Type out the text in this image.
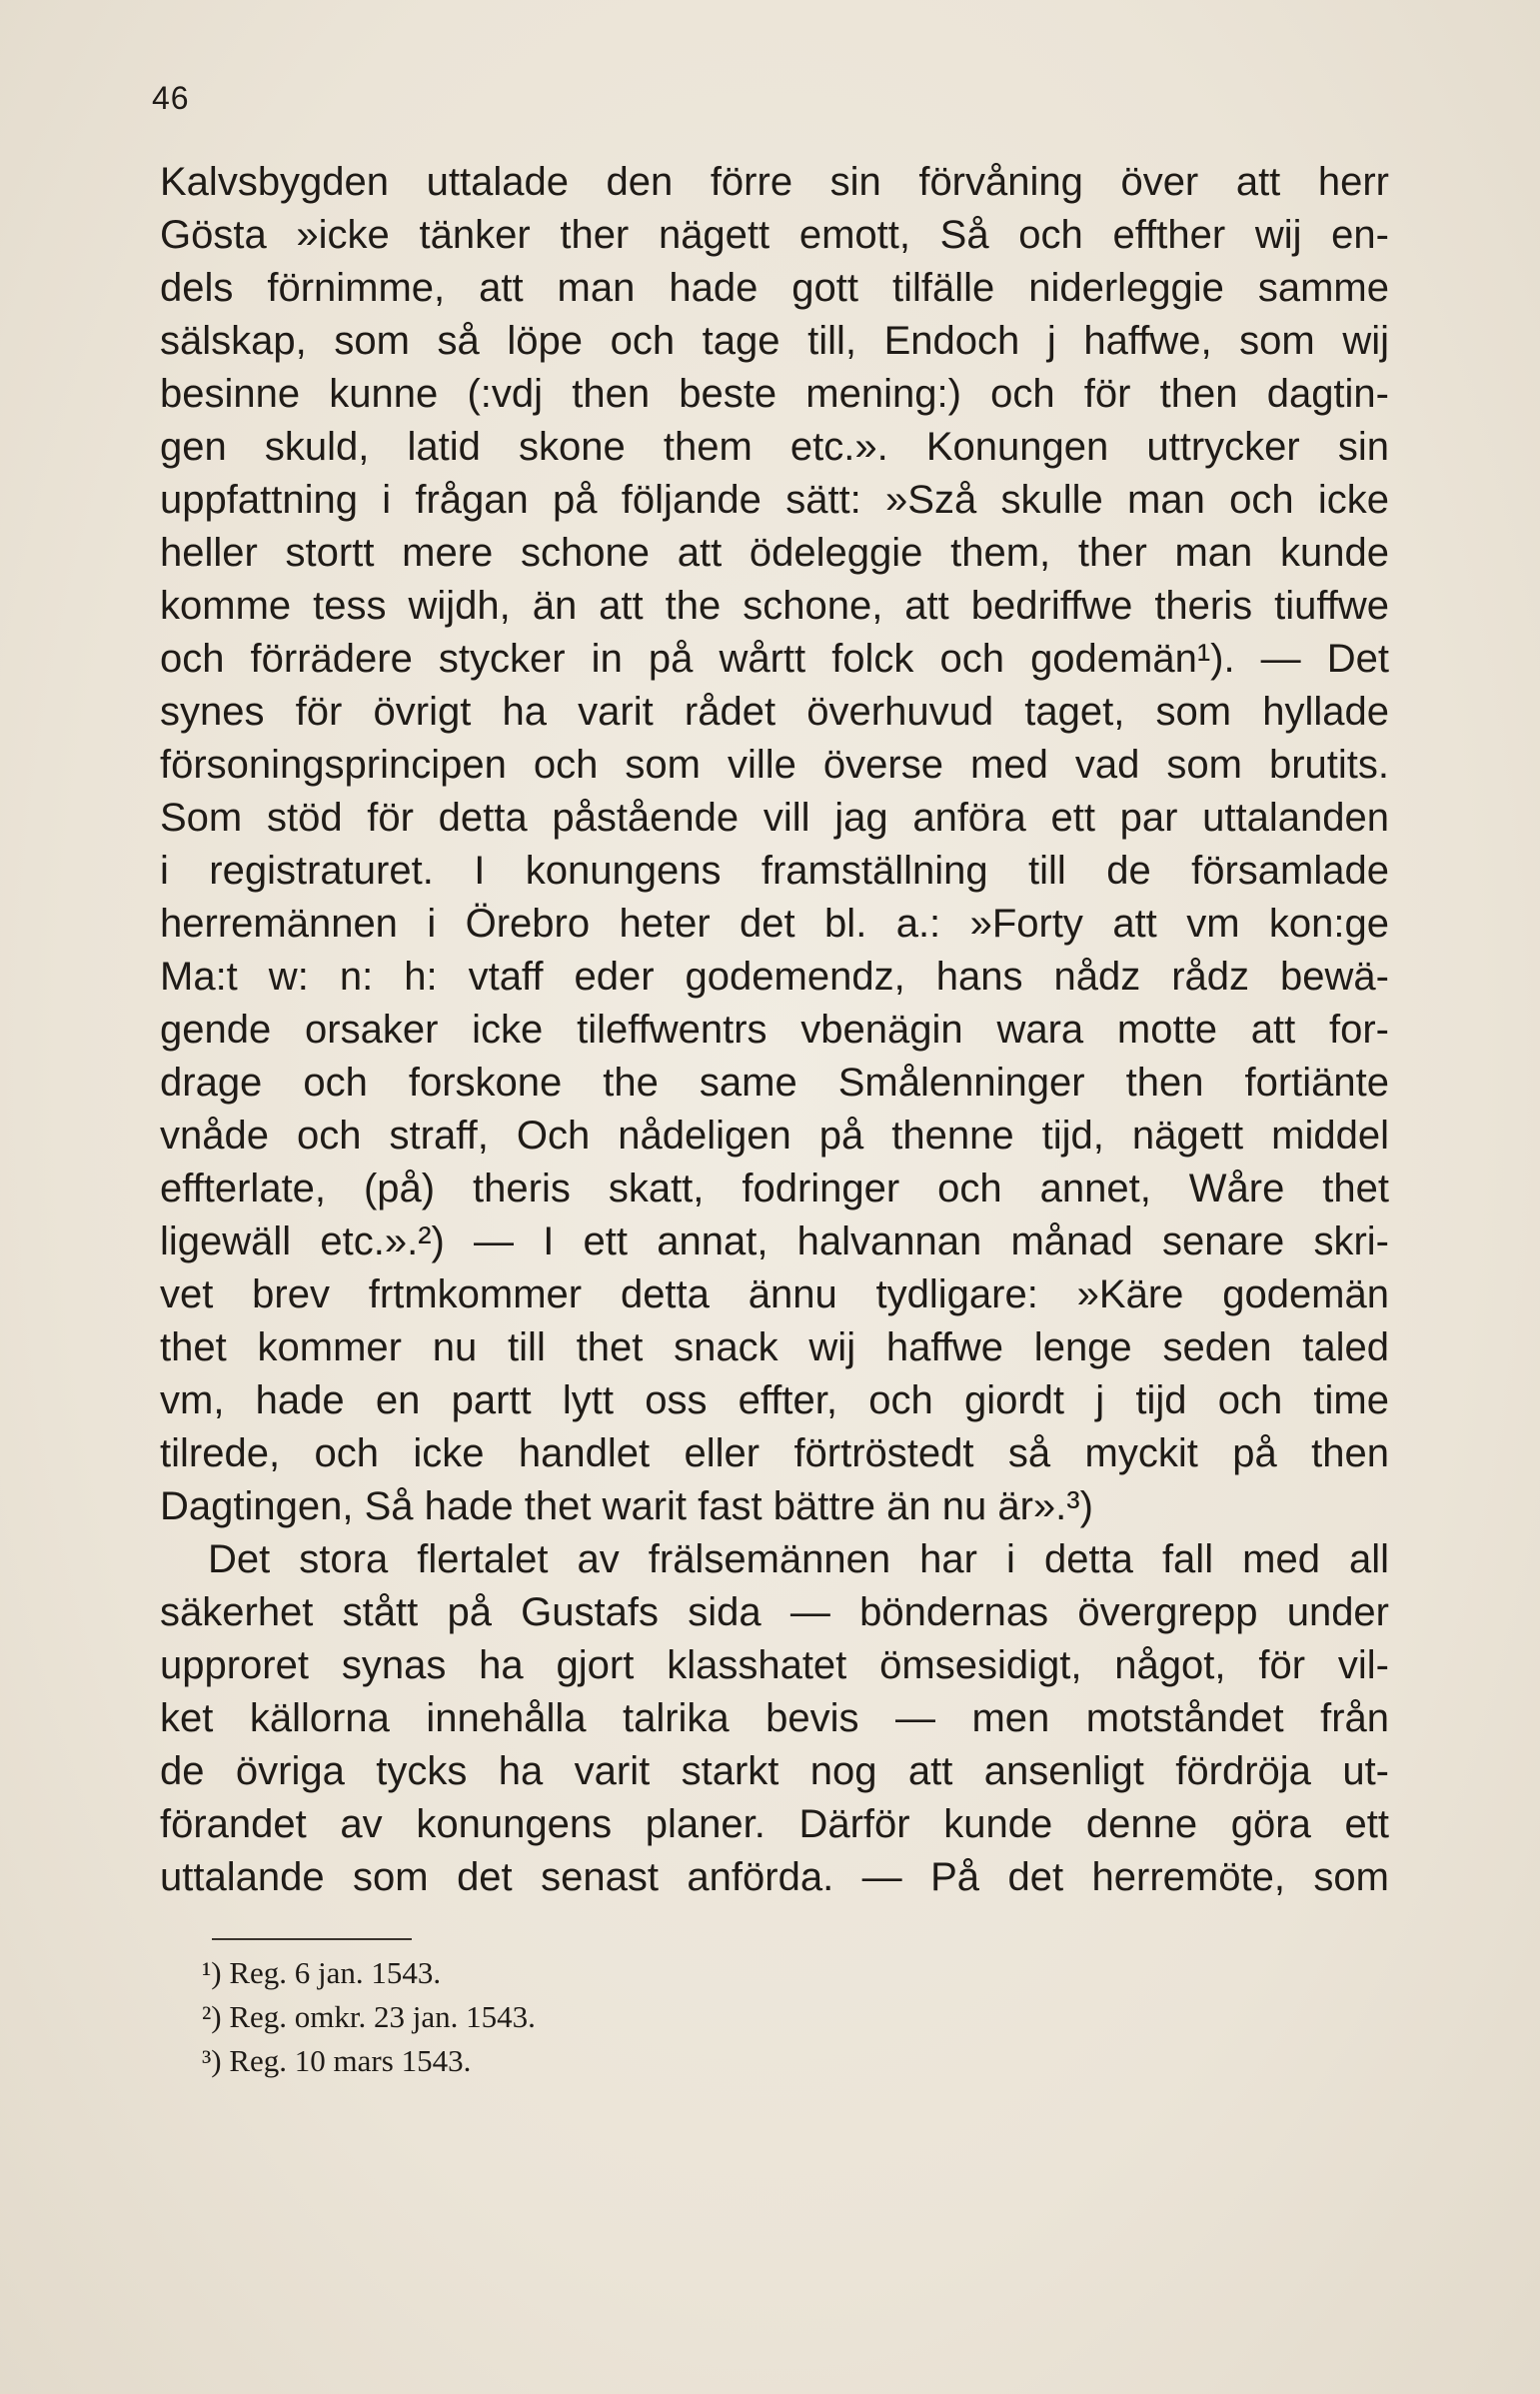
46
Kalvsbygden uttalade den förre sin förvåning över att herr
Gösta »icke tänker ther nägett emott, Så och effther wij en-
dels förnimme, att man hade gott tilfälle niderleggie samme
sälskap, som så löpe och tage till, Endoch j haffwe, som wij
besinne kunne (:vdj then beste mening:) och för then dagtin-
gen skuld, latid skone them etc.». Konungen uttrycker sin
uppfattning i frågan på följande sätt: »Szå skulle man och icke
heller stortt mere schone att ödeleggie them, ther man kunde
komme tess wijdh, än att the schone, att bedriffwe theris tiuffwe
och förrädere stycker in på wårtt folck och godemän¹). — Det
synes för övrigt ha varit rådet överhuvud taget, som hyllade
försoningsprincipen och som ville överse med vad som brutits.
Som stöd för detta påstående vill jag anföra ett par uttalanden
i registraturet. I konungens framställning till de församlade
herremännen i Örebro heter det bl. a.: »Forty att vm kon:ge
Ma:t w: n: h: vtaff eder godemendz, hans nådz rådz bewä-
gende orsaker icke tileffwentrs vbenägin wara motte att for-
drage och forskone the same Smålenninger then fortiänte
vnåde och straff, Och nådeligen på thenne tijd, nägett middel
effterlate, (på) theris skatt, fodringer och annet, Wåre thet
ligewäll etc.».²) — I ett annat, halvannan månad senare skri-
vet brev frtmkommer detta ännu tydligare: »Käre godemän
thet kommer nu till thet snack wij haffwe lenge seden taled
vm, hade en partt lytt oss effter, och giordt j tijd och time
tilrede, och icke handlet eller förtröstedt så myckit på then
Dagtingen, Så hade thet warit fast bättre än nu är».³)
Det stora flertalet av frälsemännen har i detta fall med all
säkerhet stått på Gustafs sida — böndernas övergrepp under
upproret synas ha gjort klasshatet ömsesidigt, något, för vil-
ket källorna innehålla talrika bevis — men motståndet från
de övriga tycks ha varit starkt nog att ansenligt fördröja ut-
förandet av konungens planer. Därför kunde denne göra ett
uttalande som det senast anförda. — På det herremöte, som
¹) Reg. 6 jan. 1543.
²) Reg. omkr. 23 jan. 1543.
³) Reg. 10 mars 1543.
